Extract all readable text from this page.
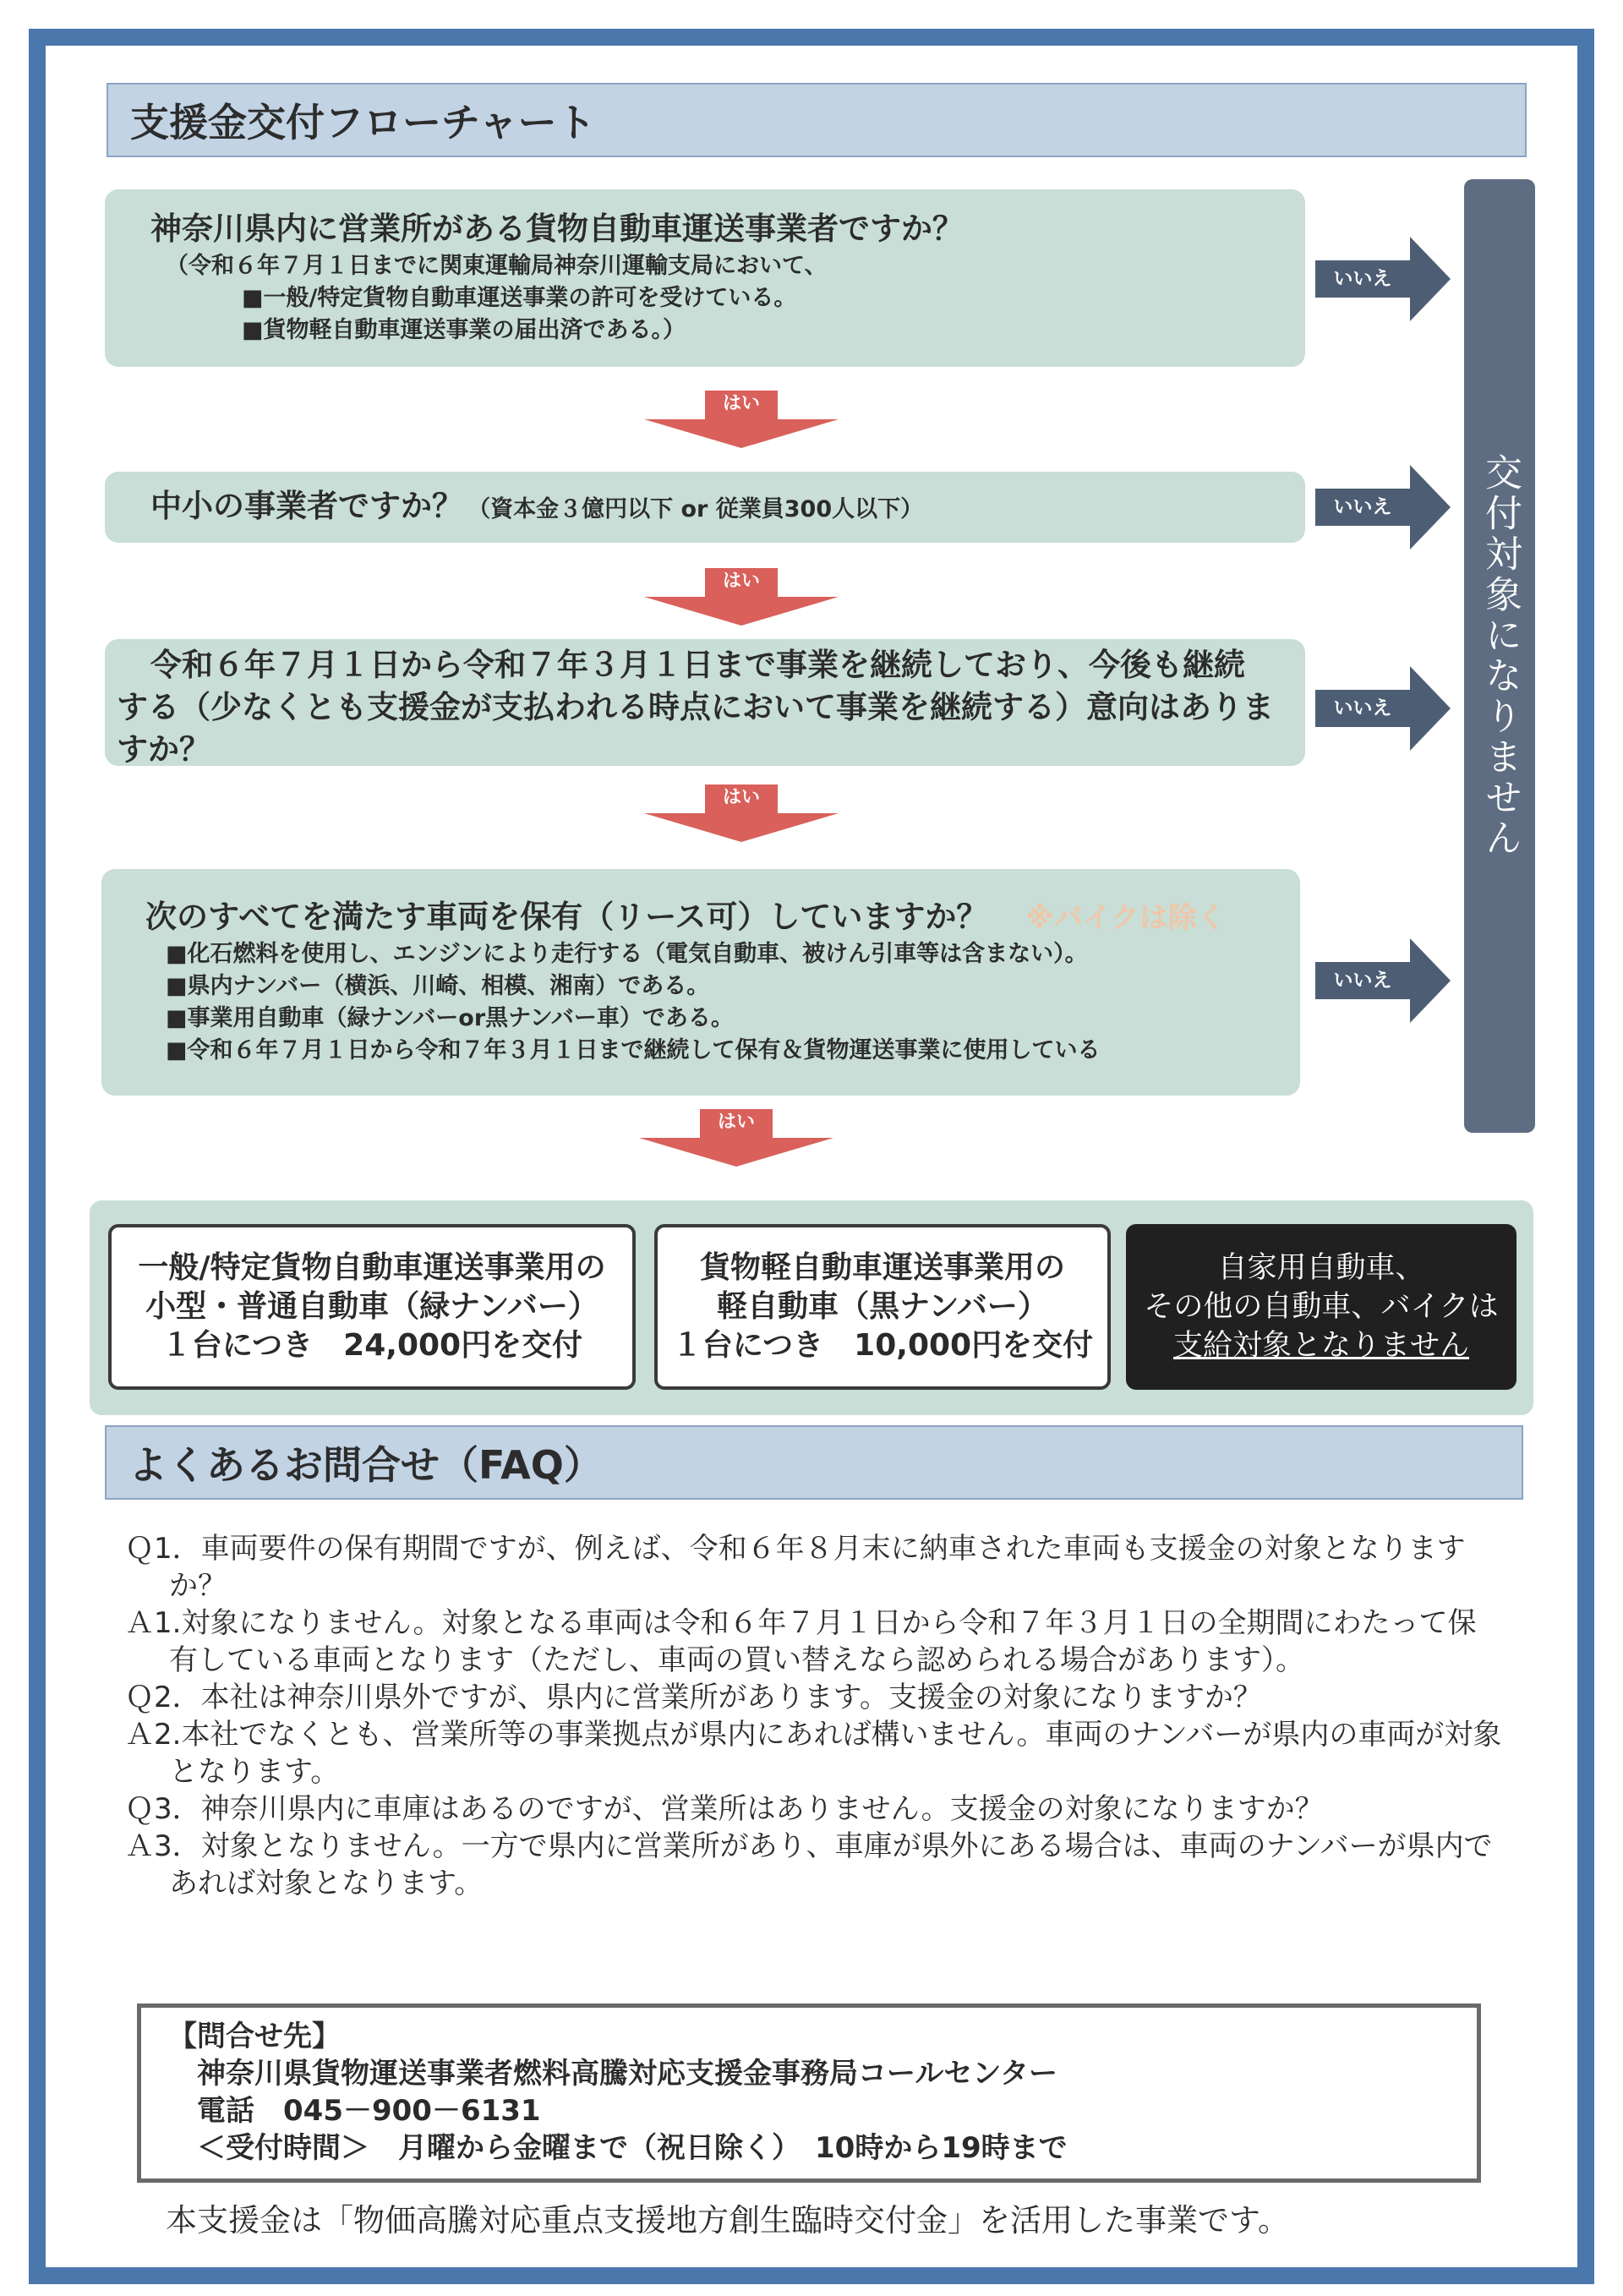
支援金交付フローチャート
神奈川県内に営業所がある貨物自動車運送事業者ですか？
（令和６年７月１日までに関東運輸局神奈川運輸支局において、
■一般/特定貨物自動車運送事業の許可を受けている。
■貨物軽自動車運送事業の届出済である。）
いいえ
はい
中小の事業者ですか？ （資本金３億円以下 or 従業員300人以下）	いいえ
はい
令和６年７月１日から令和７年３月１日まで事業を継続しており、今後も継続
する（少なくとも支援金が支払われる時点において事業を継続する）意向はありま
すか？
いいえ
はい
次のすべてを満たす車両を保有（リース可）していますか？ ※バイクは除く
■化石燃料を使用し、エンジンにより走行する（電気自動車、被けん引車等は含まない）。
■県内ナンバー（横浜、川崎、相模、湘南）である。
■事業用自動車（緑ナンバーor黒ナンバー車）である。
■令和６年７月１日から令和７年３月１日まで継続して保有＆貨物運送事業に使用している
いいえ
はい
交付対象になりません
一般/特定貨物自動車運送事業用の
小型・普通自動車（緑ナンバー）
１台につき　24,000円を交付
貨物軽自動車運送事業用の
軽自動車（黒ナンバー）
１台につき　10,000円を交付
自家用自動車、
その他の自動車、バイクは
支給対象となりません
よくあるお問合せ（FAQ）

Ｑ1．車両要件の保有期間ですが、例えば、令和６年８月末に納車された車両も支援金の対象となりますか？

Ａ1.対象になりません。対象となる車両は令和６年７月１日から令和７年３月１日の全期間にわたって保有している車両となります（ただし、車両の買い替えなら認められる場合があります）。

Ｑ2．本社は神奈川県外ですが、県内に営業所があります。支援金の対象になりますか？

Ａ2.本社でなくとも、営業所等の事業拠点が県内にあれば構いません。車両のナンバーが県内の車両が対象となります。

Ｑ3．神奈川県内に車庫はあるのですが、営業所はありません。支援金の対象になりますか？

Ａ3．対象となりません。一方で県内に営業所があり、車庫が県外にある場合は、車両のナンバーが県内であれば対象となります。

【問合せ先】
神奈川県貨物運送事業者燃料高騰対応支援金事務局コールセンター
電話　045－900－6131
＜受付時間＞　月曜から金曜まで（祝日除く）　10時から19時まで
本支援金は「物価高騰対応重点支援地方創生臨時交付金」を活用した事業です。
